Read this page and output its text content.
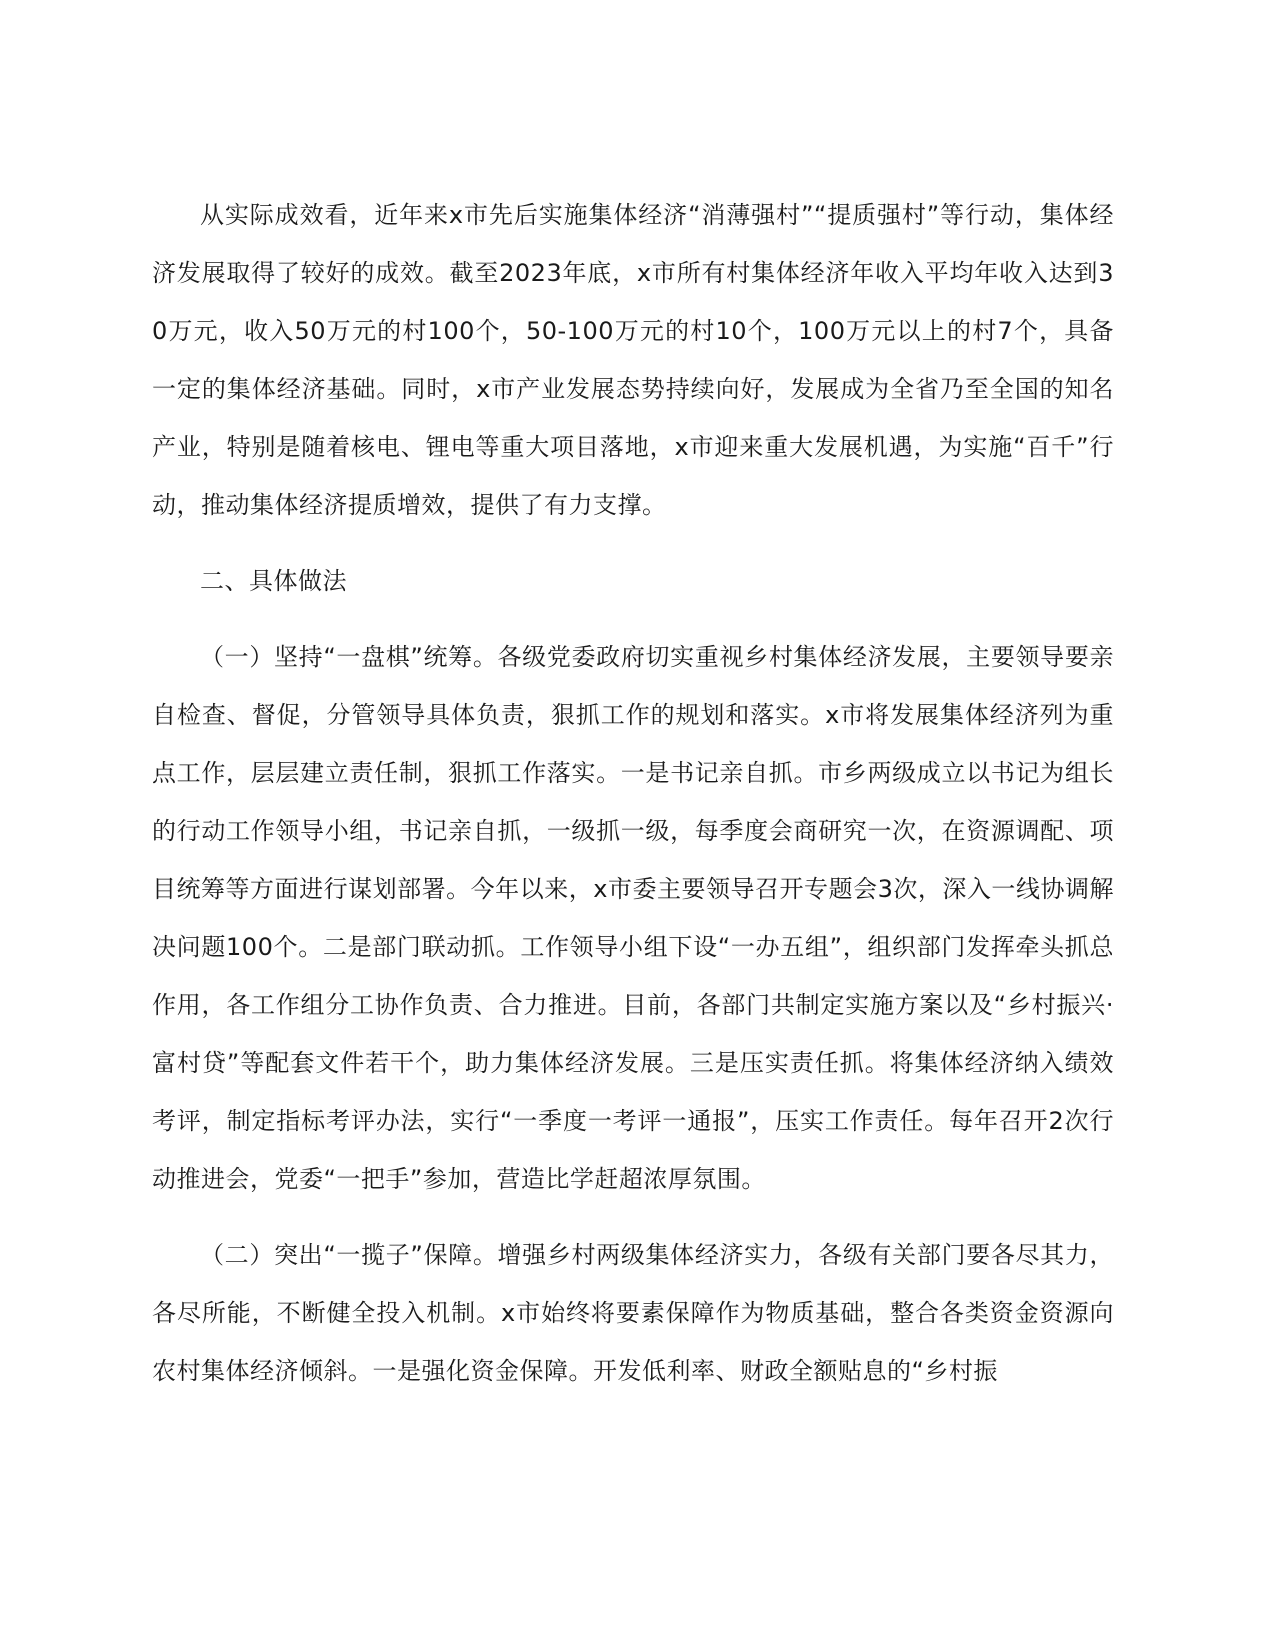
从实际成效看，近年来x市先后实施集体经济“消薄强村”“提质强村”等行动，集体经济发展取得了较好的成效。截至2023年底，x市所有村集体经济年收入平均年收入达到30万元，收入50万元的村100个，50-100万元的村10个，100万元以上的村7个，具备一定的集体经济基础。同时，x市产业发展态势持续向好，发展成为全省乃至全国的知名产业，特别是随着核电、锂电等重大项目落地，x市迎来重大发展机遇，为实施“百千”行动，推动集体经济提质增效，提供了有力支撑。

二、具体做法

（一）坚持“一盘棋”统筹。各级党委政府切实重视乡村集体经济发展，主要领导要亲自检查、督促，分管领导具体负责，狠抓工作的规划和落实。x市将发展集体经济列为重点工作，层层建立责任制，狠抓工作落实。一是书记亲自抓。市乡两级成立以书记为组长的行动工作领导小组，书记亲自抓，一级抓一级，每季度会商研究一次，在资源调配、项目统筹等方面进行谋划部署。今年以来，x市委主要领导召开专题会3次，深入一线协调解决问题100个。二是部门联动抓。工作领导小组下设“一办五组”，组织部门发挥牵头抓总作用，各工作组分工协作负责、合力推进。目前，各部门共制定实施方案以及“乡村振兴·富村贷”等配套文件若干个，助力集体经济发展。三是压实责任抓。将集体经济纳入绩效考评，制定指标考评办法，实行“一季度一考评一通报”，压实工作责任。每年召开2次行动推进会，党委“一把手”参加，营造比学赶超浓厚氛围。

（二）突出“一揽子”保障。增强乡村两级集体经济实力，各级有关部门要各尽其力，各尽所能，不断健全投入机制。x市始终将要素保障作为物质基础，整合各类资金资源向农村集体经济倾斜。一是强化资金保障。开发低利率、财政全额贴息的“乡村振
